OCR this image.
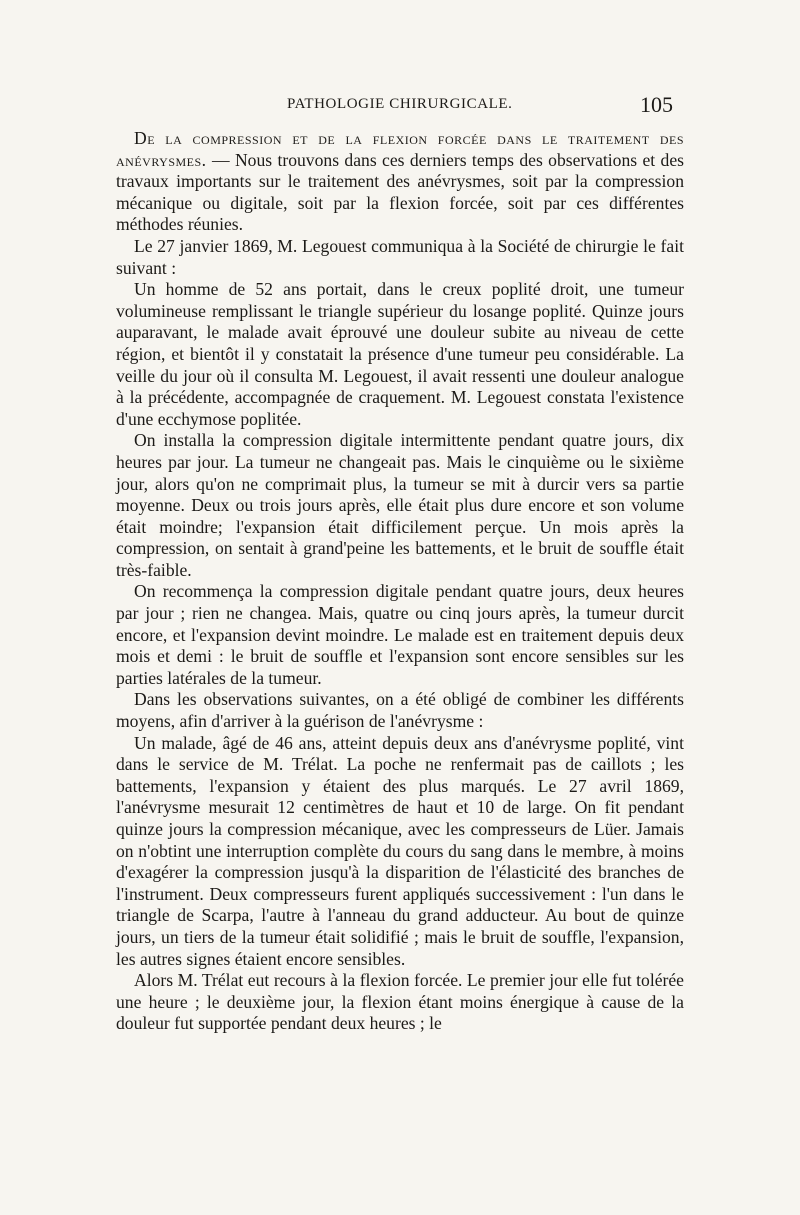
PATHOLOGIE CHIRURGICALE.	105

De la compression et de la flexion forcée dans le traitement des anévrysmes. — Nous trouvons dans ces derniers temps des observations et des travaux importants sur le traitement des anévrysmes, soit par la compression mécanique ou digitale, soit par la flexion forcée, soit par ces différentes méthodes réunies.

Le 27 janvier 1869, M. Legouest communiqua à la Société de chirurgie le fait suivant :

Un homme de 52 ans portait, dans le creux poplité droit, une tumeur volumineuse remplissant le triangle supérieur du losange poplité. Quinze jours auparavant, le malade avait éprouvé une douleur subite au niveau de cette région, et bientôt il y constatait la présence d'une tumeur peu considérable. La veille du jour où il consulta M. Legouest, il avait ressenti une douleur analogue à la précédente, accompagnée de craquement. M. Legouest constata l'existence d'une ecchymose poplitée.

On installa la compression digitale intermittente pendant quatre jours, dix heures par jour. La tumeur ne changeait pas. Mais le cinquième ou le sixième jour, alors qu'on ne comprimait plus, la tumeur se mit à durcir vers sa partie moyenne. Deux ou trois jours après, elle était plus dure encore et son volume était moindre; l'expansion était difficilement perçue. Un mois après la compression, on sentait à grand'peine les battements, et le bruit de souffle était très-faible.

On recommença la compression digitale pendant quatre jours, deux heures par jour ; rien ne changea. Mais, quatre ou cinq jours après, la tumeur durcit encore, et l'expansion devint moindre. Le malade est en traitement depuis deux mois et demi : le bruit de souffle et l'expansion sont encore sensibles sur les parties latérales de la tumeur.

Dans les observations suivantes, on a été obligé de combiner les différents moyens, afin d'arriver à la guérison de l'anévrysme :

Un malade, âgé de 46 ans, atteint depuis deux ans d'anévrysme poplité, vint dans le service de M. Trélat. La poche ne renfermait pas de caillots ; les battements, l'expansion y étaient des plus marqués. Le 27 avril 1869, l'anévrysme mesurait 12 centimètres de haut et 10 de large. On fit pendant quinze jours la compression mécanique, avec les compresseurs de Lüer. Jamais on n'obtint une interruption complète du cours du sang dans le membre, à moins d'exagérer la compression jusqu'à la disparition de l'élasticité des branches de l'instrument. Deux compresseurs furent appliqués successivement : l'un dans le triangle de Scarpa, l'autre à l'anneau du grand adducteur. Au bout de quinze jours, un tiers de la tumeur était solidifié ; mais le bruit de souffle, l'expansion, les autres signes étaient encore sensibles.

Alors M. Trélat eut recours à la flexion forcée. Le premier jour elle fut tolérée une heure ; le deuxième jour, la flexion étant moins énergique à cause de la douleur fut supportée pendant deux heures ; le
